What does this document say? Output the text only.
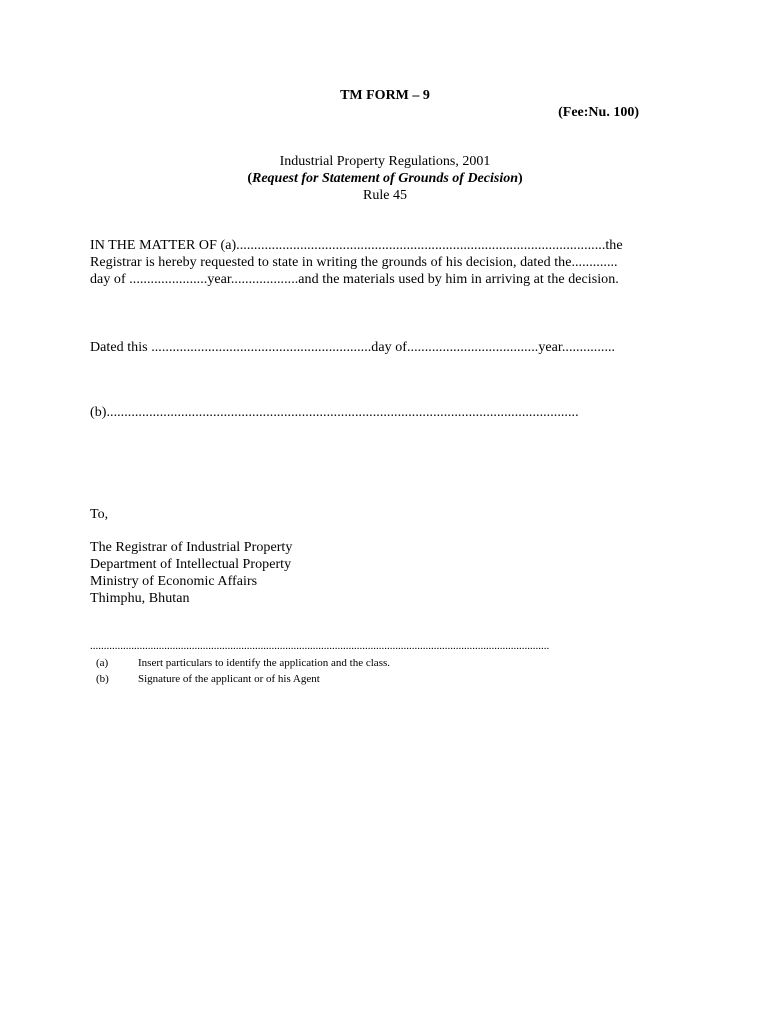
TM FORM – 9
(Fee:Nu. 100)
Industrial Property Regulations, 2001
(Request for Statement of Grounds of Decision)
Rule 45
IN THE MATTER OF (a)........................................................................................................the
Registrar is hereby requested to state in writing the grounds of his decision, dated the.............
day of ......................year...................and the materials used by him in arriving at the decision.
Dated this ..............................................................day of.....................................year...............
(b).....................................................................................................................................
To,
The Registrar of Industrial Property
Department of Intellectual Property
Ministry of Economic Affairs
Thimphu, Bhutan
.......................................................................................................................................................................
(a)	Insert particulars to identify the application and the class.
(b)	Signature of the applicant or of his Agent
